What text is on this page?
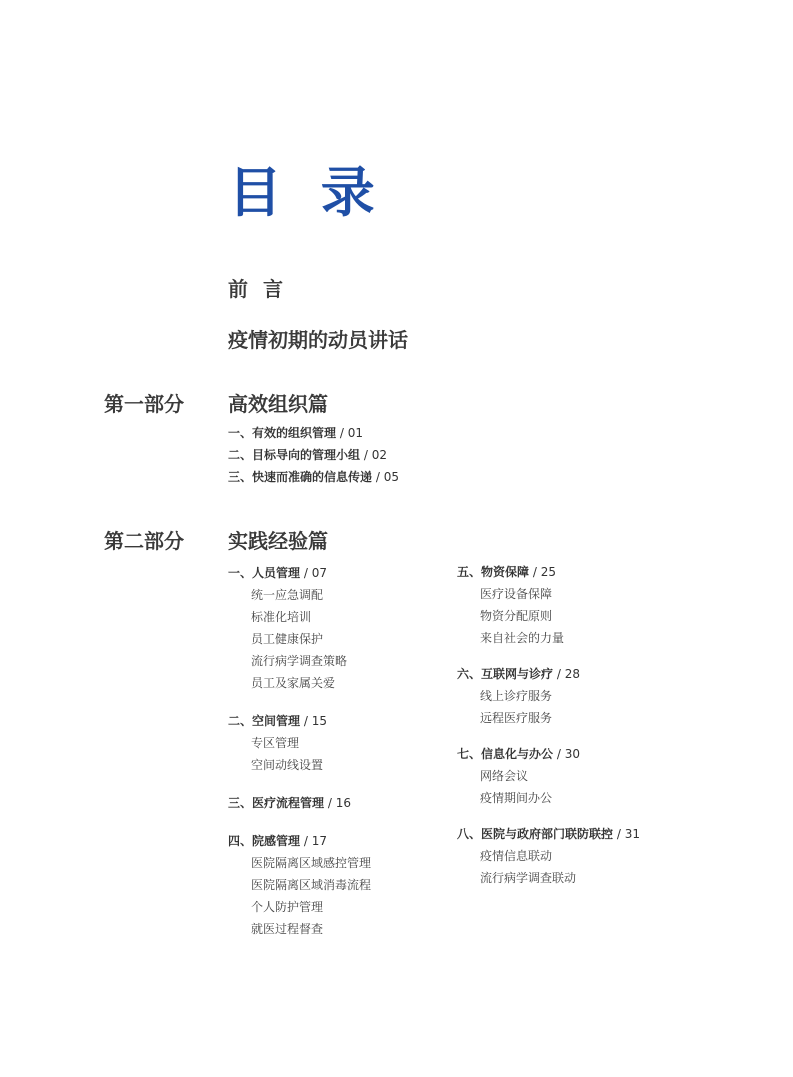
目 录
前 言
疫情初期的动员讲话
第一部分 高效组织篇
一、有效的组织管理 / 01
二、目标导向的管理小组 / 02
三、快速而准确的信息传递 / 05
第二部分 实践经验篇
一、人员管理 / 07
统一应急调配
标准化培训
员工健康保护
流行病学调查策略
员工及家属关爱
二、空间管理 / 15
专区管理
空间动线设置
三、医疗流程管理 / 16
四、院感管理 / 17
医院隔离区域感控管理
医院隔离区域消毒流程
个人防护管理
就医过程督查
五、物资保障 / 25
医疗设备保障
物资分配原则
来自社会的力量
六、互联网与诊疗 / 28
线上诊疗服务
远程医疗服务
七、信息化与办公 / 30
网络会议
疫情期间办公
八、医院与政府部门联防联控 / 31
疫情信息联动
流行病学调查联动
